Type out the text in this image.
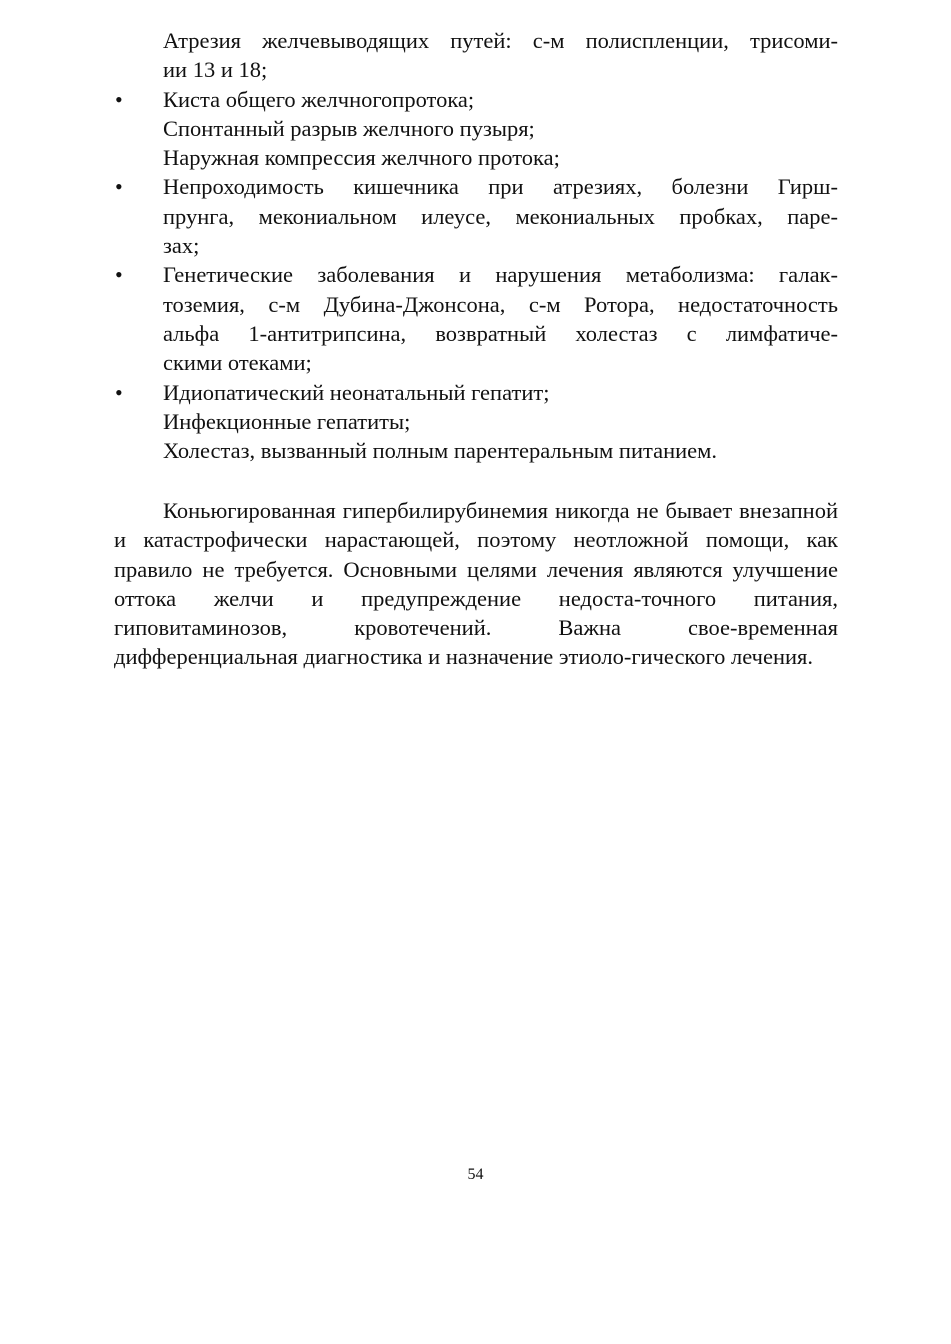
Атрезия желчевыводящих путей: с-м полиспленции, трисоми-
ии 13 и 18;
•	Киста общего желчногопротока;
Спонтанный разрыв желчного пузыря;
Наружная компрессия желчного протока;
•	Непроходимость кишечника при атрезиях, болезни Гирш-
прунга, мекониальном илеусе, мекониальных пробках, паре-
зах;
•	Генетические заболевания и нарушения метаболизма: галак-
тоземия, с-м Дубина-Джонсона, с-м Ротора, недостаточность
альфа 1-антитрипсина, возвратный холестаз с лимфатиче-
скими отеками;
•	Идиопатический неонатальный гепатит;
Инфекционные гепатиты;
Холестаз, вызванный полным парентеральным питанием.
Коньюгированная гипербилирубинемия никогда не бывает внезапной и катастрофически нарастающей, поэтому неотложной помощи, как правило не требуется. Основными целями лечения являются улучшение оттока желчи и предупреждение недоста-точного питания, гиповитаминозов, кровотечений. Важна свое-временная дифференциальная диагностика и назначение этиоло-гического лечения.
54
